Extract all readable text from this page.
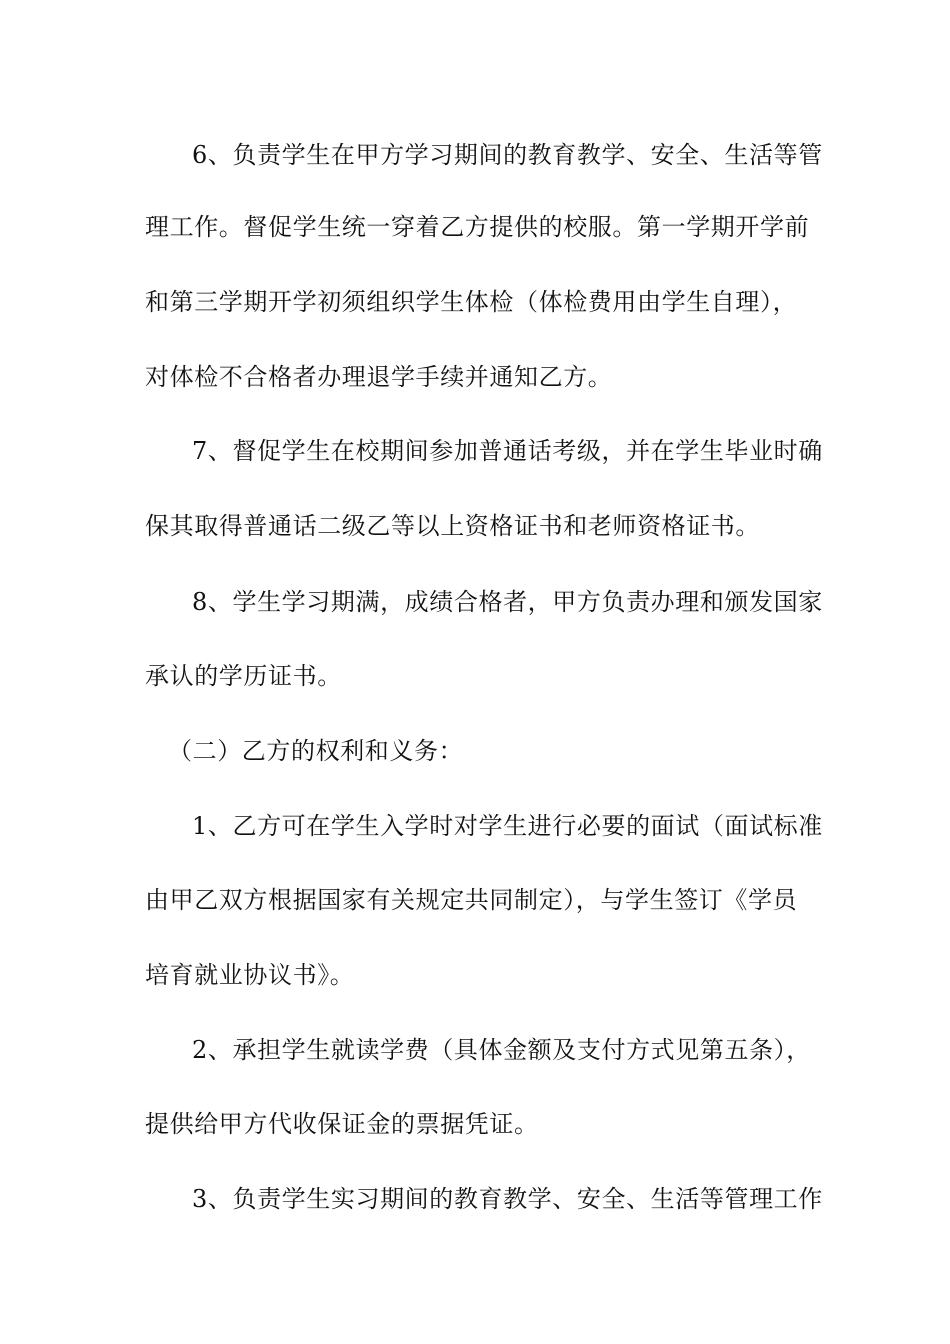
6、负责学生在甲方学习期间的教育教学、安全、生活等管
理工作。督促学生统一穿着乙方提供的校服。第一学期开学前
和第三学期开学初须组织学生体检（体检费用由学生自理），
对体检不合格者办理退学手续并通知乙方。
7、督促学生在校期间参加普通话考级，并在学生毕业时确
保其取得普通话二级乙等以上资格证书和老师资格证书。
8、学生学习期满，成绩合格者，甲方负责办理和颁发国家
承认的学历证书。
（二）乙方的权利和义务：
1、乙方可在学生入学时对学生进行必要的面试（面试标准
由甲乙双方根据国家有关规定共同制定），与学生签订《学员
培育就业协议书》。
2、承担学生就读学费（具体金额及支付方式见第五条），
提供给甲方代收保证金的票据凭证。
3、负责学生实习期间的教育教学、安全、生活等管理工作
